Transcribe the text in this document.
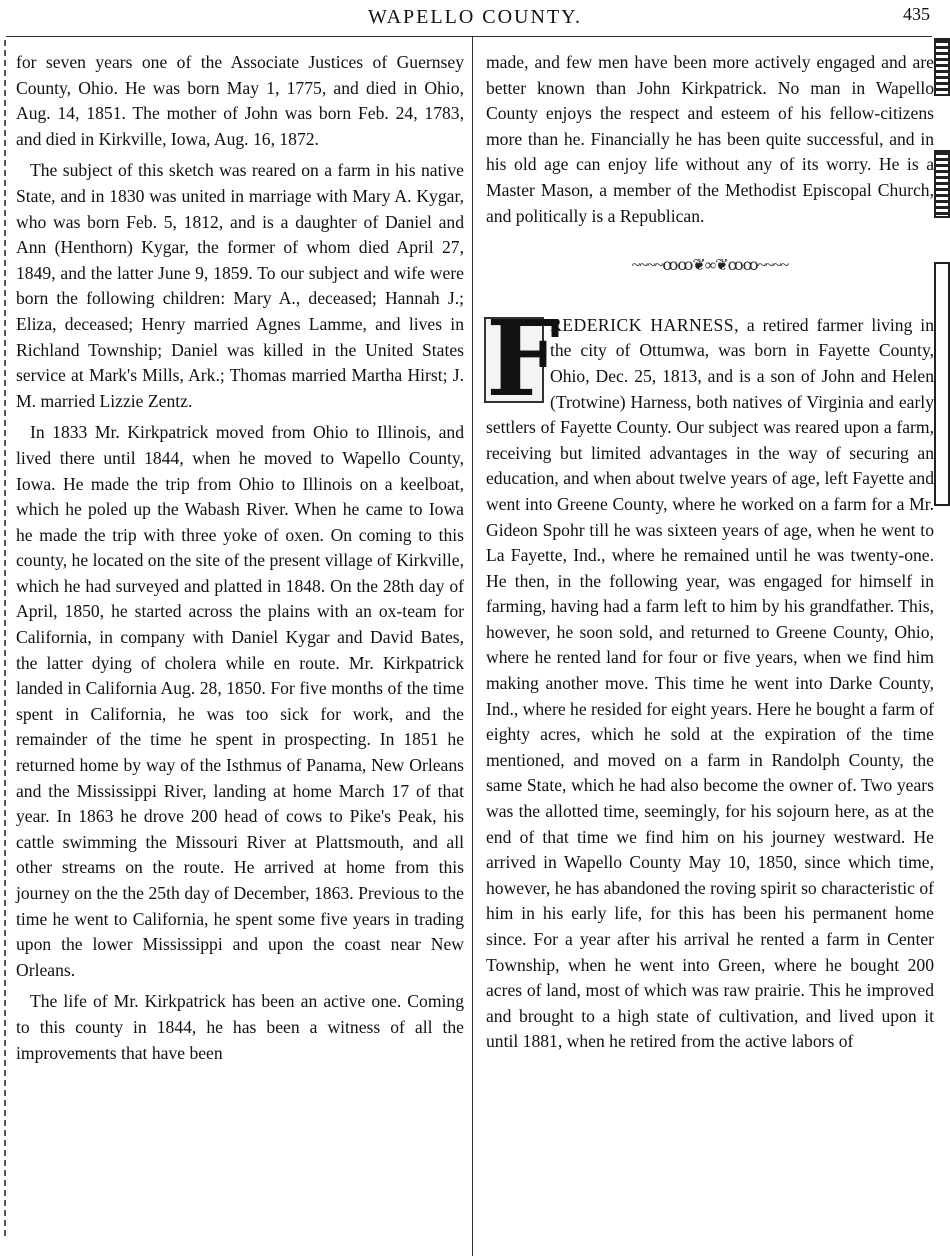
WAPELLO COUNTY.	435

for seven years one of the Associate Justices of Guernsey County, Ohio. He was born May 1, 1775, and died in Ohio, Aug. 14, 1851. The mother of John was born Feb. 24, 1783, and died in Kirkville, Iowa, Aug. 16, 1872.

The subject of this sketch was reared on a farm in his native State, and in 1830 was united in marriage with Mary A. Kygar, who was born Feb. 5, 1812, and is a daughter of Daniel and Ann (Henthorn) Kygar, the former of whom died April 27, 1849, and the latter June 9, 1859. To our subject and wife were born the following children: Mary A., deceased; Hannah J.; Eliza, deceased; Henry married Agnes Lamme, and lives in Richland Township; Daniel was killed in the United States service at Mark's Mills, Ark.; Thomas married Martha Hirst; J. M. married Lizzie Zentz.

In 1833 Mr. Kirkpatrick moved from Ohio to Illinois, and lived there until 1844, when he moved to Wapello County, Iowa. He made the trip from Ohio to Illinois on a keelboat, which he poled up the Wabash River. When he came to Iowa he made the trip with three yoke of oxen. On coming to this county, he located on the site of the present village of Kirkville, which he had surveyed and platted in 1848. On the 28th day of April, 1850, he started across the plains with an ox-team for California, in company with Daniel Kygar and David Bates, the latter dying of cholera while en route. Mr. Kirkpatrick landed in California Aug. 28, 1850. For five months of the time spent in California, he was too sick for work, and the remainder of the time he spent in prospecting. In 1851 he returned home by way of the Isthmus of Panama, New Orleans and the Mississippi River, landing at home March 17 of that year. In 1863 he drove 200 head of cows to Pike's Peak, his cattle swimming the Missouri River at Plattsmouth, and all other streams on the route. He arrived at home from this journey on the the 25th day of December, 1863. Previous to the time he went to California, he spent some five years in trading upon the lower Mississippi and upon the coast near New Orleans.

The life of Mr. Kirkpatrick has been an active one. Coming to this county in 1844, he has been a witness of all the improvements that have been

made, and few men have been more actively engaged and are better known than John Kirkpatrick. No man in Wapello County enjoys the respect and esteem of his fellow-citizens more than he. Financially he has been quite successful, and in his old age can enjoy life without any of its worry. He is a Master Mason, a member of the Methodist Episcopal Church, and politically is a Republican.

~~~~ꝏꝏ❦∞❦ꝏꝏ~~~~

F
REDERICK HARNESS, a retired farmer living in the city of Ottumwa, was born in Fayette County, Ohio, Dec. 25, 1813, and is a son of John and Helen (Trotwine) Harness, both natives of Virginia and early settlers of Fayette County. Our subject was reared upon a farm, receiving but limited advantages in the way of securing an education, and when about twelve years of age, left Fayette and went into Greene County, where he worked on a farm for a Mr. Gideon Spohr till he was sixteen years of age, when he went to La Fayette, Ind., where he remained until he was twenty-one. He then, in the following year, was engaged for himself in farming, having had a farm left to him by his grandfather. This, however, he soon sold, and returned to Greene County, Ohio, where he rented land for four or five years, when we find him making another move. This time he went into Darke County, Ind., where he resided for eight years. Here he bought a farm of eighty acres, which he sold at the expiration of the time mentioned, and moved on a farm in Randolph County, the same State, which he had also become the owner of. Two years was the allotted time, seemingly, for his sojourn here, as at the end of that time we find him on his journey westward. He arrived in Wapello County May 10, 1850, since which time, however, he has abandoned the roving spirit so characteristic of him in his early life, for this has been his permanent home since. For a year after his arrival he rented a farm in Center Township, when he went into Green, where he bought 200 acres of land, most of which was raw prairie. This he improved and brought to a high state of cultivation, and lived upon it until 1881, when he retired from the active labors of
